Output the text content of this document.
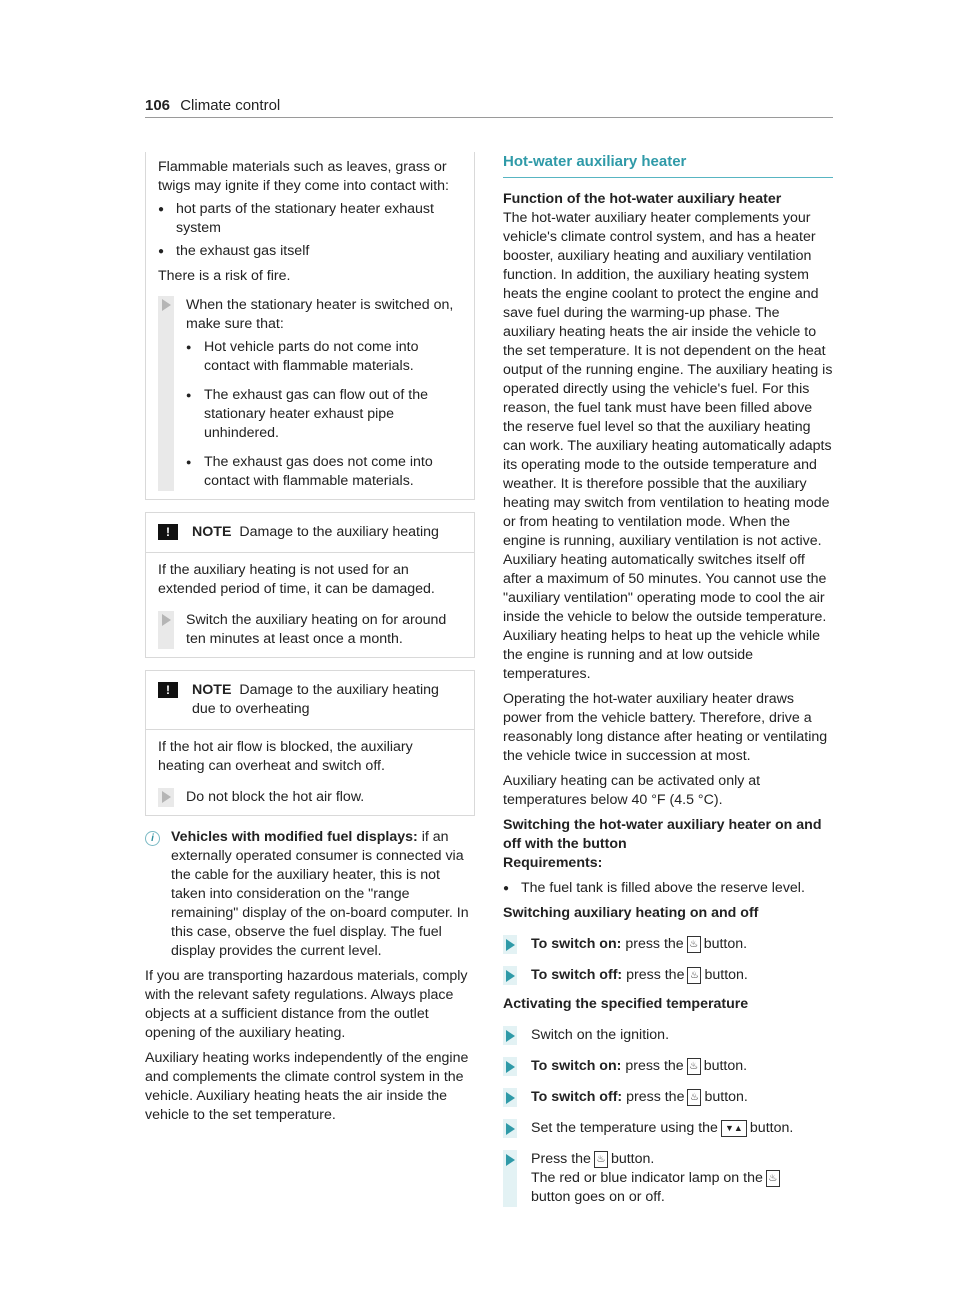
106 Climate control

Flammable materials such as leaves, grass or twigs may ignite if they come into contact with:

● hot parts of the stationary heater exhaust system
● the exhaust gas itself

There is a risk of fire.

When the stationary heater is switched on, make sure that:

● Hot vehicle parts do not come into contact with flammable materials.
● The exhaust gas can flow out of the stationary heater exhaust pipe unhindered.
● The exhaust gas does not come into contact with flammable materials.
!	NOTE Damage to the auxiliary heating

If the auxiliary heating is not used for an extended period of time, it can be damaged.

Switch the auxiliary heating on for around ten minutes at least once a month.

!	NOTE Damage to the auxiliary heating due to overheating

If the hot air flow is blocked, the auxiliary heating can overheat and switch off.

Do not block the hot air flow.

i	Vehicles with modified fuel displays: if an externally operated consumer is connected via the cable for the auxiliary heater, this is not taken into consideration on the "range remaining" display of the on-board computer. In this case, observe the fuel display. The fuel display provides the current level.

If you are transporting hazardous materials, comply with the relevant safety regulations. Always place objects at a sufficient distance from the outlet opening of the auxiliary heating.

Auxiliary heating works independently of the engine and complements the climate control system in the vehicle. Auxiliary heating heats the air inside the vehicle to the set temperature.

Hot-water auxiliary heater

Function of the hot-water auxiliary heater

The hot-water auxiliary heater complements your vehicle's climate control system, and has a heater booster, auxiliary heating and auxiliary ventilation function. In addition, the auxiliary heating system heats the engine coolant to protect the engine and save fuel during the warming-up phase. The auxiliary heating heats the air inside the vehicle to the set temperature. It is not dependent on the heat output of the running engine. The auxiliary heating is operated directly using the vehicle's fuel. For this reason, the fuel tank must have been filled above the reserve fuel level so that the auxiliary heating can work. The auxiliary heating automatically adapts its operating mode to the outside temperature and weather. It is therefore possible that the auxiliary heating may switch from ventilation to heating mode or from heating to ventilation mode. When the engine is running, auxiliary ventilation is not active. Auxiliary heating automatically switches itself off after a maximum of 50 minutes. You cannot use the "auxiliary ventilation" operating mode to cool the air inside the vehicle to below the outside temperature. Auxiliary heating helps to heat up the vehicle while the engine is running and at low outside temperatures.

Operating the hot-water auxiliary heater draws power from the vehicle battery. Therefore, drive a reasonably long distance after heating or ventilating the vehicle twice in succession at most.

Auxiliary heating can be activated only at temperatures below 40 °F (4.5 °C).

Switching the hot-water auxiliary heater on and off with the button

Requirements:

● The fuel tank is filled above the reserve level.

Switching auxiliary heating on and off

To switch on: press the ♨ button.
To switch off: press the ♨ button.

Activating the specified temperature

Switch on the ignition.
To switch on: press the ♨ button.
To switch off: press the ♨ button.
Set the temperature using the ▼▲ button.
Press the ♨ button.
The red or blue indicator lamp on the ♨
button goes on or off.
